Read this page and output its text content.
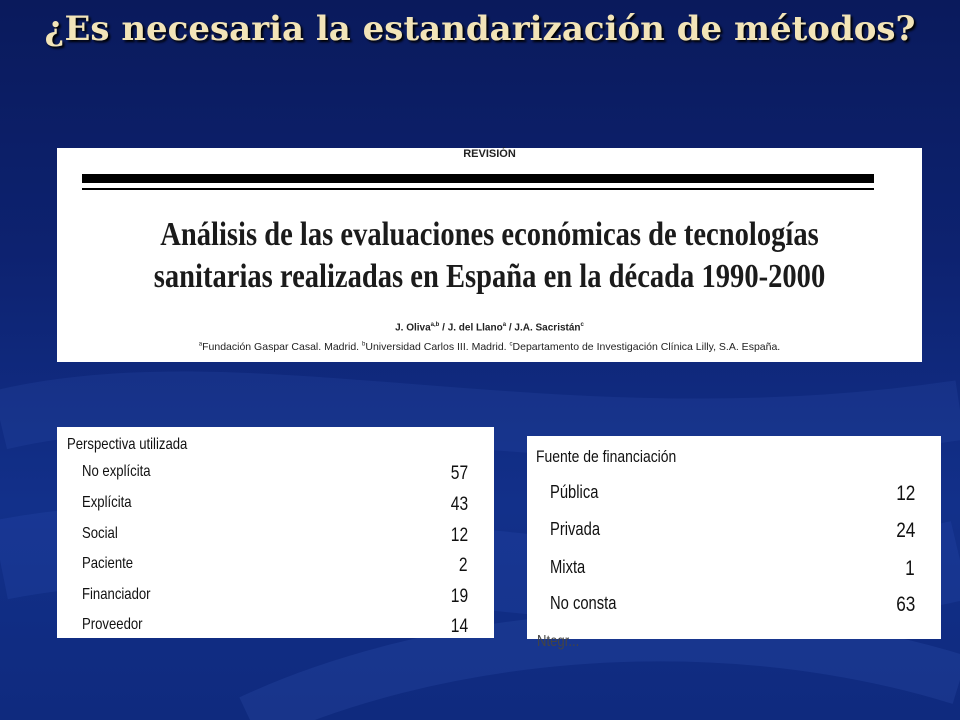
¿Es necesaria la estandarización de métodos?
REVISIÓN
Análisis de las evaluaciones económicas de tecnologías
sanitarias realizadas en España en la década 1990-2000
J. Oliva$^{a,b}$ / J. del Llano$^a$ / J.A. Sacristán$^c$
$^a$Fundación Gaspar Casal. Madrid. $^b$Universidad Carlos III. Madrid. $^c$Departamento de Investigación Clínica Lilly, S.A. España.
Perspectiva utilizada
No explícita	57
Explícita	43
Social	12
Paciente	2
Financiador	19
Proveedor	14
Fuente de financiación
Pública	12
Privada	24
Mixta	1
No consta	63
Ntegr...
